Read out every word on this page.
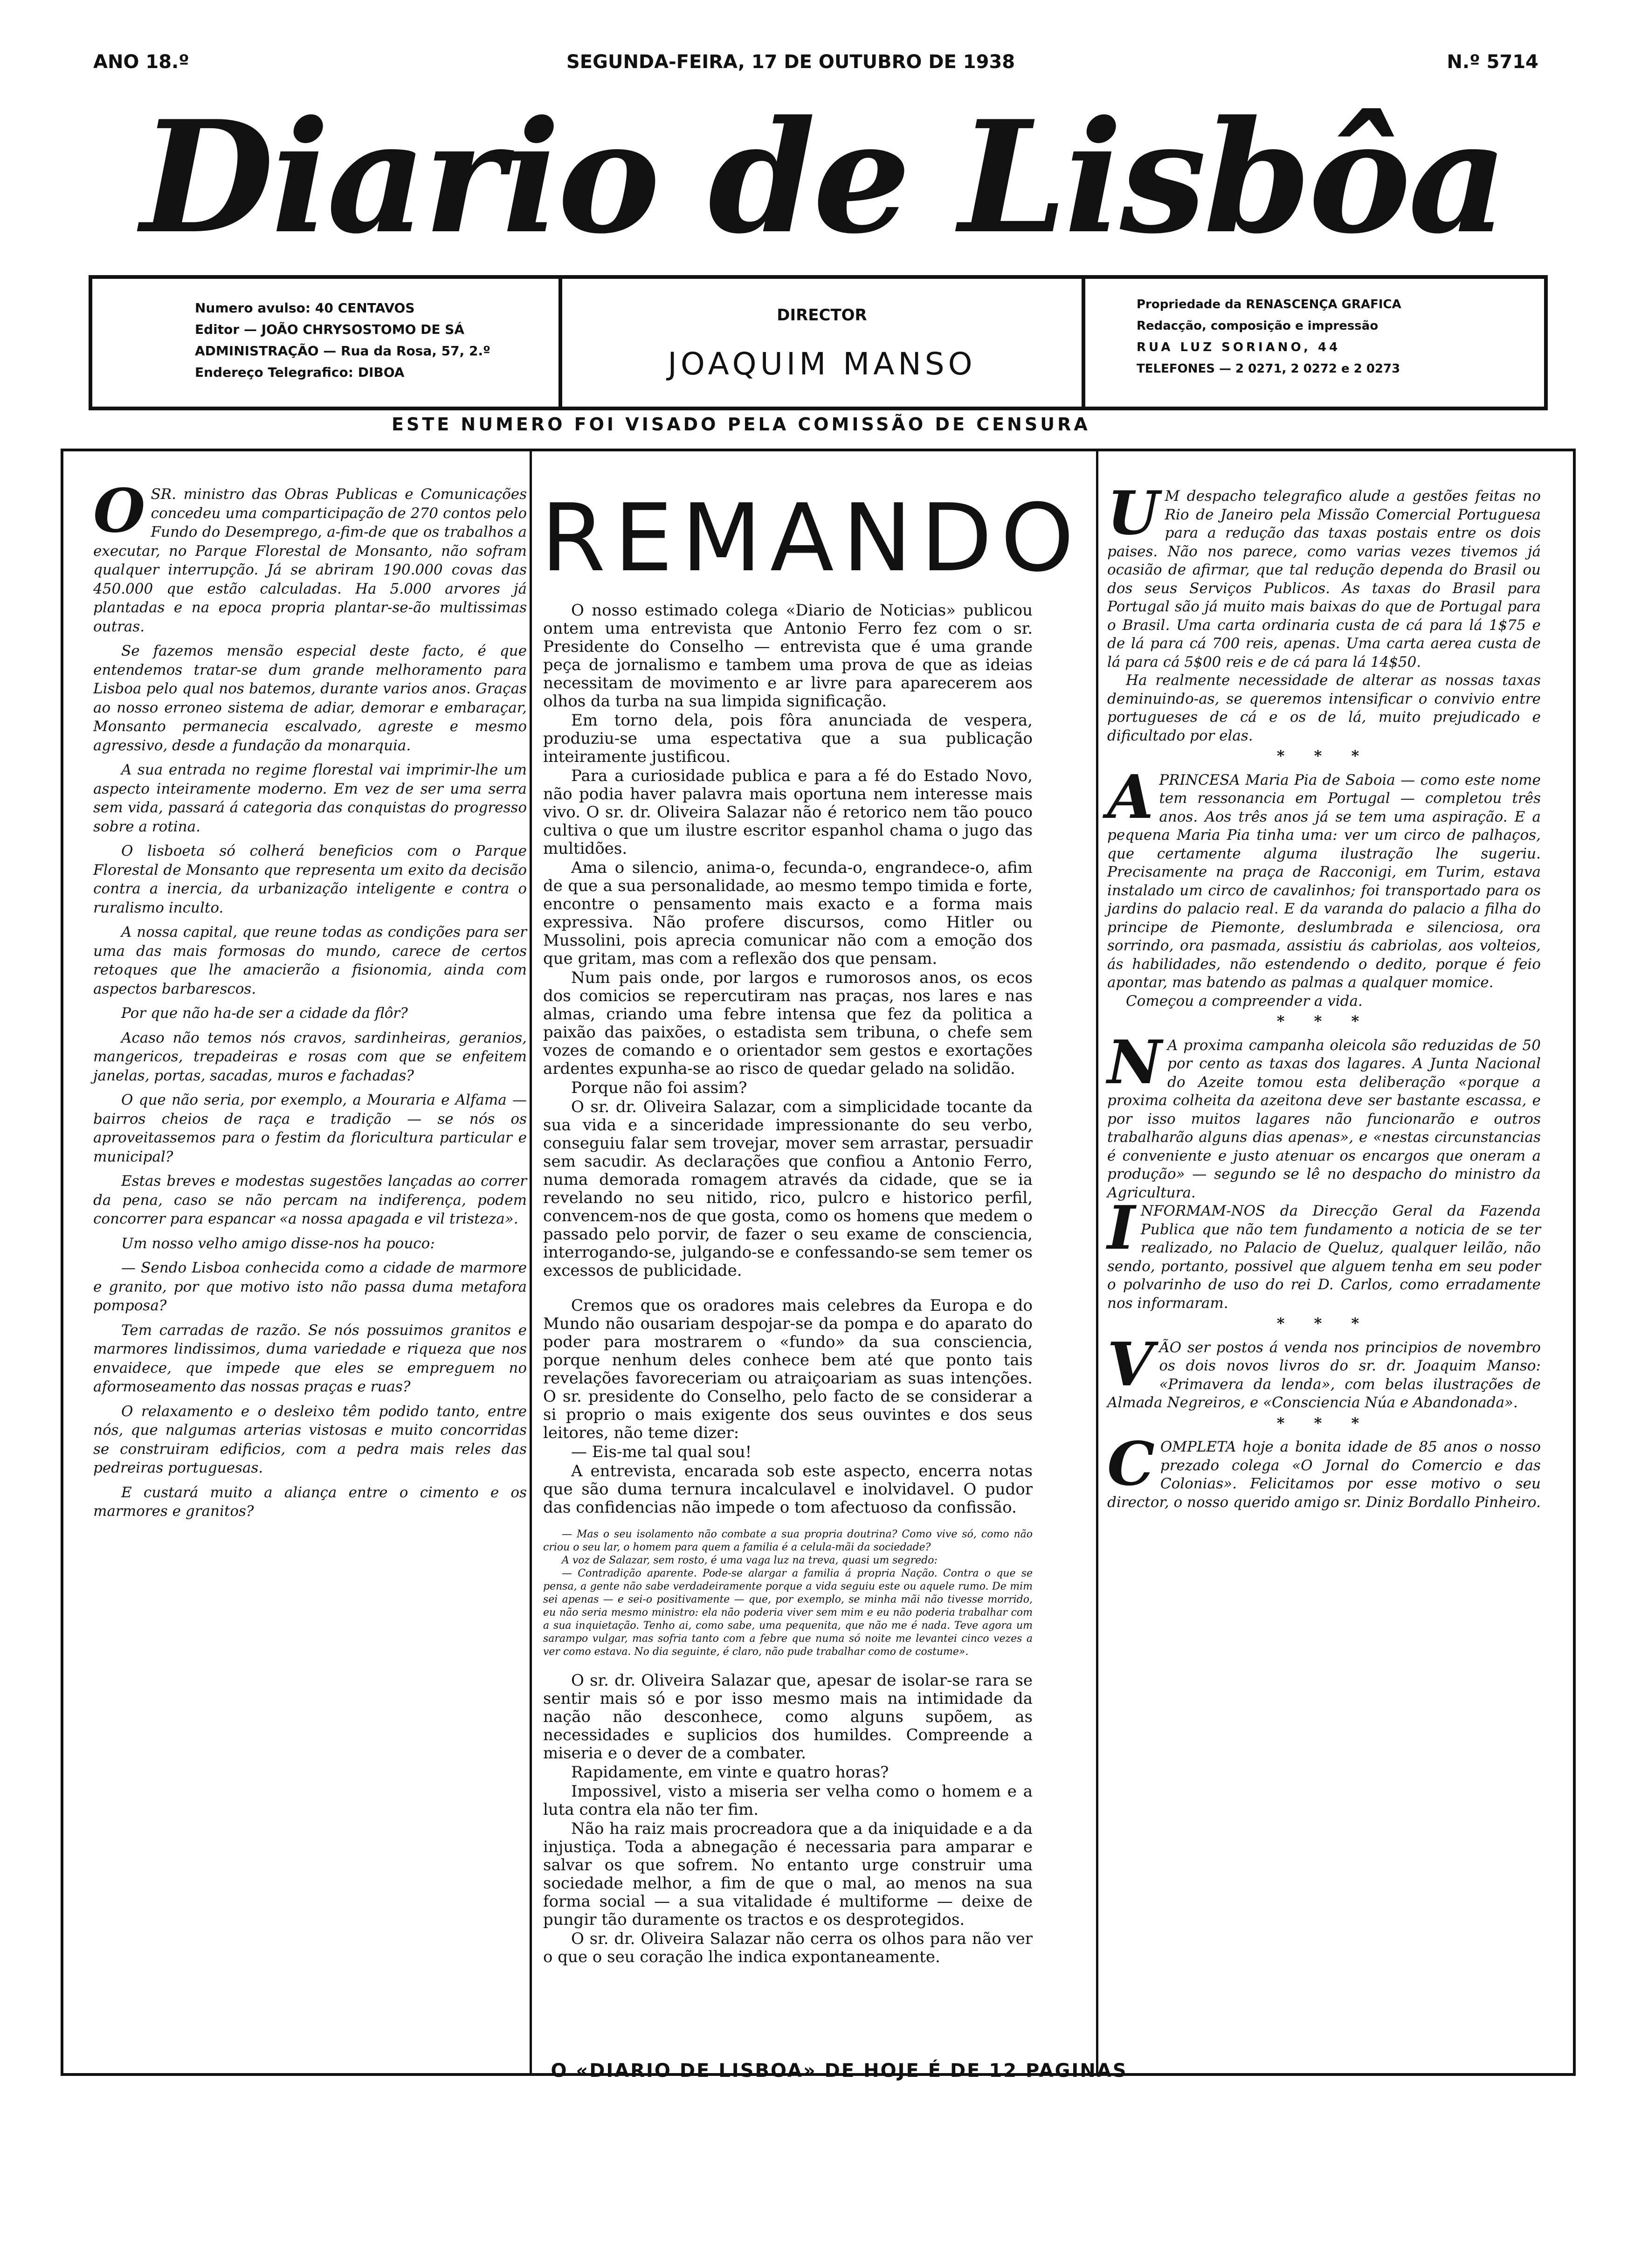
ANO 18.º	SEGUNDA-FEIRA, 17 DE OUTUBRO DE 1938	N.º 5714
Diario de Lisbôa
Numero avulso: 40 CENTAVOS
Editor — JOÃO CHRYSOSTOMO DE SÁ
ADMINISTRAÇÃO — Rua da Rosa, 57, 2.º
Endereço Telegrafico: DIBOA
DIRECTOR
JOAQUIM MANSO
Propriedade da RENASCENÇA GRAFICA
Redacção, composição e impressão
RUA LUZ SORIANO, 44
TELEFONES — 2 0271, 2 0272 e 2 0273
ESTE NUMERO FOI VISADO PELA COMISSÃO DE CENSURA

OSR. ministro das Obras Publicas e Comunicações concedeu uma comparticipação de 270 contos pelo Fundo do Desemprego, a-fim-de que os trabalhos a executar, no Parque Florestal de Monsanto, não sofram qualquer interrupção. Já se abriram 190.000 covas das 450.000 que estão calculadas. Ha 5.000 arvores já plantadas e na epoca propria plantar-se-ão multissimas outras.

Se fazemos mensão especial deste facto, é que entendemos tratar-se dum grande melhoramento para Lisboa pelo qual nos batemos, durante varios anos. Graças ao nosso erroneo sistema de adiar, demorar e embaraçar, Monsanto permanecia escalvado, agreste e mesmo agressivo, desde a fundação da monarquia.

A sua entrada no regime florestal vai imprimir-lhe um aspecto inteiramente moderno. Em vez de ser uma serra sem vida, passará á categoria das conquistas do progresso sobre a rotina.

O lisboeta só colherá beneficios com o Parque Florestal de Monsanto que representa um exito da decisão contra a inercia, da urbanização inteligente e contra o ruralismo inculto.

A nossa capital, que reune todas as condições para ser uma das mais formosas do mundo, carece de certos retoques que lhe amacierão a fisionomia, ainda com aspectos barbarescos.

Por que não ha-de ser a cidade da flôr?

Acaso não temos nós cravos, sardinheiras, geranios, mangericos, trepadeiras e rosas com que se enfeitem janelas, portas, sacadas, muros e fachadas?

O que não seria, por exemplo, a Mouraria e Alfama — bairros cheios de raça e tradição — se nós os aproveitassemos para o festim da floricultura particular e municipal?

Estas breves e modestas sugestões lançadas ao correr da pena, caso se não percam na indiferença, podem concorrer para espancar «a nossa apagada e vil tristeza».

Um nosso velho amigo disse-nos ha pouco:

— Sendo Lisboa conhecida como a cidade de marmore e granito, por que motivo isto não passa duma metafora pomposa?

Tem carradas de razão. Se nós possuimos granitos e marmores lindissimos, duma variedade e riqueza que nos envaidece, que impede que eles se empreguem no aformoseamento das nossas praças e ruas?

O relaxamento e o desleixo têm podido tanto, entre nós, que nalgumas arterias vistosas e muito concorridas se construiram edificios, com a pedra mais reles das pedreiras portuguesas.

E custará muito a aliança entre o cimento e os marmores e granitos?

REMANDO

O nosso estimado colega «Diario de Noticias» publicou ontem uma entrevista que Antonio Ferro fez com o sr. Presidente do Conselho — entrevista que é uma grande peça de jornalismo e tambem uma prova de que as ideias necessitam de movimento e ar livre para aparecerem aos olhos da turba na sua limpida significação.

Em torno dela, pois fôra anunciada de vespera, produziu-se uma espectativa que a sua publicação inteiramente justificou.

Para a curiosidade publica e para a fé do Estado Novo, não podia haver palavra mais oportuna nem interesse mais vivo. O sr. dr. Oliveira Salazar não é retorico nem tão pouco cultiva o que um ilustre escritor espanhol chama o jugo das multidões.

Ama o silencio, anima-o, fecunda-o, engrandece-o, afim de que a sua personalidade, ao mesmo tempo timida e forte, encontre o pensamento mais exacto e a forma mais expressiva. Não profere discursos, como Hitler ou Mussolini, pois aprecia comunicar não com a emoção dos que gritam, mas com a reflexão dos que pensam.

Num pais onde, por largos e rumorosos anos, os ecos dos comicios se repercutiram nas praças, nos lares e nas almas, criando uma febre intensa que fez da politica a paixão das paixões, o estadista sem tribuna, o chefe sem vozes de comando e o orientador sem gestos e exortações ardentes expunha-se ao risco de quedar gelado na solidão.

Porque não foi assim?

O sr. dr. Oliveira Salazar, com a simplicidade tocante da sua vida e a sinceridade impressionante do seu verbo, conseguiu falar sem trovejar, mover sem arrastar, persuadir sem sacudir. As declarações que confiou a Antonio Ferro, numa demorada romagem através da cidade, que se ia revelando no seu nitido, rico, pulcro e historico perfil, convencem-nos de que gosta, como os homens que medem o passado pelo porvir, de fazer o seu exame de consciencia, interrogando-se, julgando-se e confessando-se sem temer os excessos de publicidade.

Cremos que os oradores mais celebres da Europa e do Mundo não ousariam despojar-se da pompa e do aparato do poder para mostrarem o «fundo» da sua consciencia, porque nenhum deles conhece bem até que ponto tais revelações favoreceriam ou atraiçoariam as suas intenções. O sr. presidente do Conselho, pelo facto de se considerar a si proprio o mais exigente dos seus ouvintes e dos seus leitores, não teme dizer:

— Eis-me tal qual sou!

A entrevista, encarada sob este aspecto, encerra notas que são duma ternura incalculavel e inolvidavel. O pudor das confidencias não impede o tom afectuoso da confissão.

— Mas o seu isolamento não combate a sua propria doutrina? Como vive só, como não criou o seu lar, o homem para quem a familia é a celula-mãi da sociedade?

A voz de Salazar, sem rosto, é uma vaga luz na treva, quasi um segredo:

— Contradição aparente. Pode-se alargar a familia á propria Nação. Contra o que se pensa, a gente não sabe verdadeiramente porque a vida seguiu este ou aquele rumo. De mim sei apenas — e sei-o positivamente — que, por exemplo, se minha mãi não tivesse morrido, eu não seria mesmo ministro: ela não poderia viver sem mim e eu não poderia trabalhar com a sua inquietação. Tenho ai, como sabe, uma pequenita, que não me é nada. Teve agora um sarampo vulgar, mas sofria tanto com a febre que numa só noite me levantei cinco vezes a ver como estava. No dia seguinte, é claro, não pude trabalhar como de costume».

O sr. dr. Oliveira Salazar que, apesar de isolar-se rara se sentir mais só e por isso mesmo mais na intimidade da nação não desconhece, como alguns supõem, as necessidades e suplicios dos humildes. Compreende a miseria e o dever de a combater.

Rapidamente, em vinte e quatro horas?

Impossivel, visto a miseria ser velha como o homem e a luta contra ela não ter fim.

Não ha raiz mais procreadora que a da iniquidade e a da injustiça. Toda a abnegação é necessaria para amparar e salvar os que sofrem. No entanto urge construir uma sociedade melhor, a fim de que o mal, ao menos na sua forma social — a sua vitalidade é multiforme — deixe de pungir tão duramente os tractos e os desprotegidos.

O sr. dr. Oliveira Salazar não cerra os olhos para não ver o que o seu coração lhe indica expontaneamente.

U M despacho telegrafico alude a gestões feitas no Rio de Janeiro pela Missão Comercial Portuguesa para a redução das taxas postais entre os dois paises. Não nos parece, como varias vezes tivemos já ocasião de afirmar, que tal redução dependa do Brasil ou dos seus Serviços Publicos. As taxas do Brasil para Portugal são já muito mais baixas do que de Portugal para o Brasil. Uma carta ordinaria custa de cá para lá 1$75 e de lá para cá 700 reis, apenas. Uma carta aerea custa de lá para cá 5$00 reis e de cá para lá 14$50.

Ha realmente necessidade de alterar as nossas taxas deminuindo-as, se queremos intensificar o convivio entre portugueses de cá e os de lá, muito prejudicado e dificultado por elas.

* * *

APRINCESA Maria Pia de Saboia — como este nome tem ressonancia em Portugal — completou três anos. Aos três anos já se tem uma aspiração. E a pequena Maria Pia tinha uma: ver um circo de palhaços, que certamente alguma ilustração lhe sugeriu. Precisamente na praça de Racconigi, em Turim, estava instalado um circo de cavalinhos; foi transportado para os jardins do palacio real. E da varanda do palacio a filha do principe de Piemonte, deslumbrada e silenciosa, ora sorrindo, ora pasmada, assistiu ás cabriolas, aos volteios, ás habilidades, não estendendo o dedito, porque é feio apontar, mas batendo as palmas a qualquer momice.

Começou a compreender a vida.

* * *

N A proxima campanha oleicola são reduzidas de 50 por cento as taxas dos lagares. A Junta Nacional do Azeite tomou esta deliberação «porque a proxima colheita da azeitona deve ser bastante escassa, e por isso muitos lagares não funcionarão e outros trabalharão alguns dias apenas», e «nestas circunstancias é conveniente e justo atenuar os encargos que oneram a produção» — segundo se lê no despacho do ministro da Agricultura.

INFORMAM-NOS da Direcção Geral da Fazenda Publica que não tem fundamento a noticia de se ter realizado, no Palacio de Queluz, qualquer leilão, não sendo, portanto, possivel que alguem tenha em seu poder o polvarinho de uso do rei D. Carlos, como erradamente nos informaram.

* * *

VÃO ser postos á venda nos principios de novembro os dois novos livros do sr. dr. Joaquim Manso: «Primavera da lenda», com belas ilustrações de Almada Negreiros, e «Consciencia Núa e Abandonada».

* * *

COMPLETA hoje a bonita idade de 85 anos o nosso prezado colega «O Jornal do Comercio e das Colonias». Felicitamos por esse motivo o seu director, o nosso querido amigo sr. Diniz Bordallo Pinheiro.

O «DIARIO DE LISBOA» DE HOJE É DE 12 PAGINAS
